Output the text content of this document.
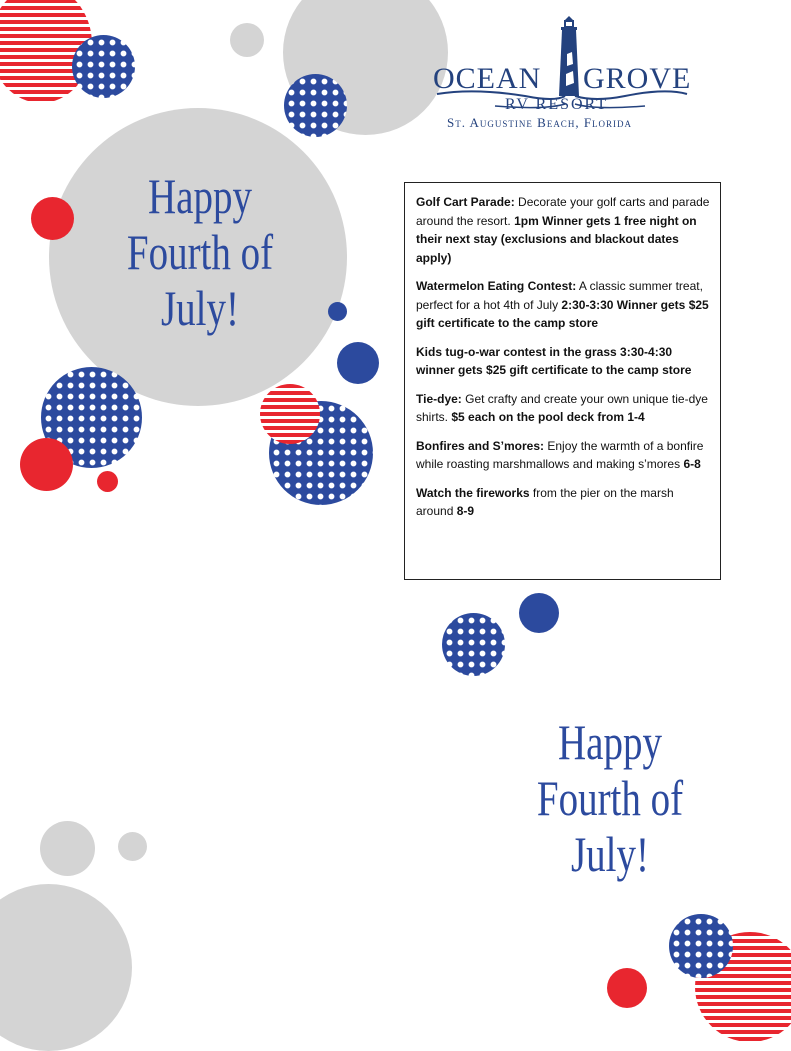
OCEAN GROVE
RV RESORT
St. Augustine Beach, Florida
Happy
Fourth of
July!
Happy
Fourth of
July!

Golf Cart Parade: Decorate your golf carts and parade around the resort. 1pm Winner gets 1 free night on their next stay (exclusions and blackout dates apply)

Watermelon Eating Contest: A classic summer treat, perfect for a hot 4th of July 2:30-3:30 Winner gets $25 gift certificate to the camp store

Kids tug-o-war contest in the grass 3:30-4:30 winner gets $25 gift certificate to the camp store

Tie-dye: Get crafty and create your own unique tie-dye shirts. $5 each on the pool deck from 1-4

Bonfires and S’mores: Enjoy the warmth of a bonfire while roasting marshmallows and making s’mores 6-8

Watch the fireworks from the pier on the marsh around 8-9
